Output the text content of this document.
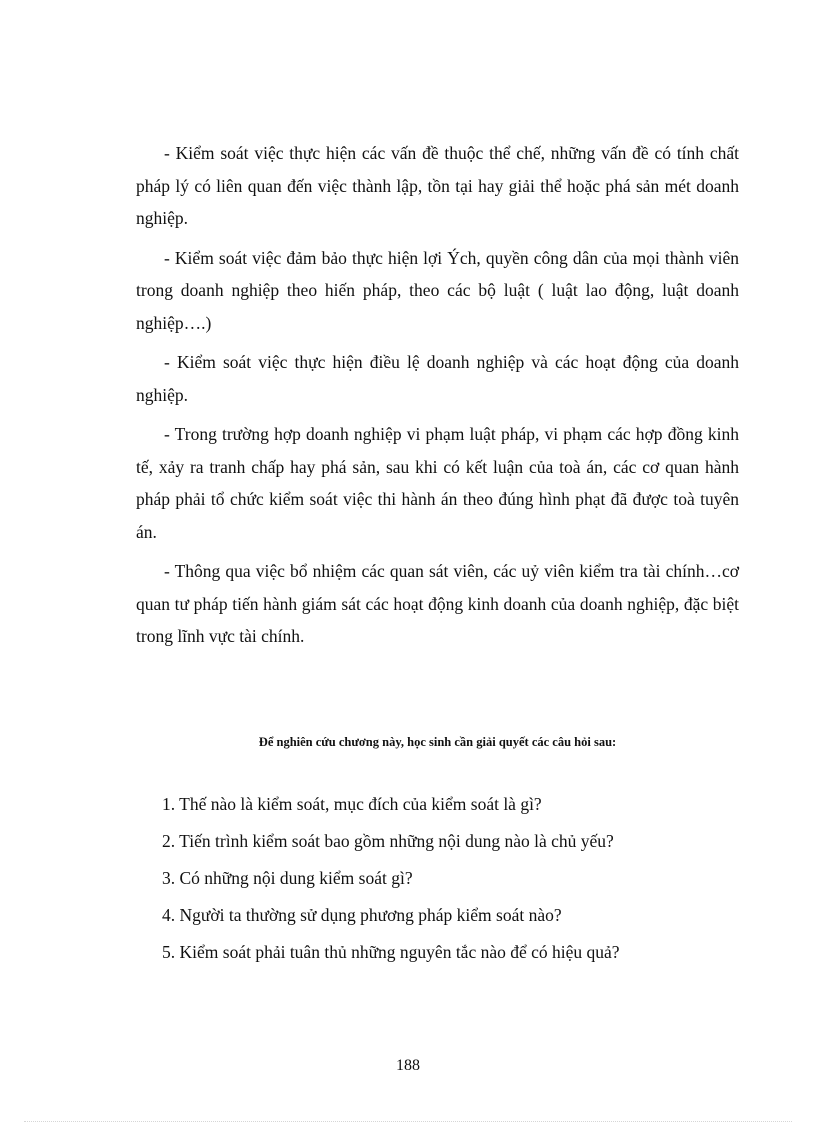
- Kiểm soát việc thực hiện các vấn đề thuộc thể chế, những vấn đề có tính chất pháp lý có liên quan đến việc thành lập, tồn tại hay giải thể hoặc phá sản mét doanh nghiệp.

- Kiểm soát việc đảm bảo thực hiện lợi Ých, quyền công dân của mọi thành viên trong doanh nghiệp theo hiến pháp, theo các bộ luật ( luật lao động, luật doanh nghiệp….)

- Kiểm soát việc thực hiện điều lệ doanh nghiệp và các hoạt động của doanh nghiệp.

- Trong trường hợp doanh nghiệp vi phạm luật pháp, vi phạm các hợp đồng kinh tế, xảy ra tranh chấp hay phá sản, sau khi có kết luận của toà án, các cơ quan hành pháp phải tổ chức kiểm soát việc thi hành án theo đúng hình phạt đã được toà tuyên án.

- Thông qua việc bổ nhiệm các quan sát viên, các uỷ viên kiểm tra tài chính…cơ quan tư pháp tiến hành giám sát các hoạt động kinh doanh của doanh nghiệp, đặc biệt trong lĩnh vực tài chính.

Để nghiên cứu chương này, học sinh cần giải quyết các câu hỏi sau:

1. Thế nào là kiểm soát, mục đích của kiểm soát là gì?
2. Tiến trình kiểm soát bao gồm những nội dung nào là chủ yếu?
3. Có những nội dung kiểm soát gì?
4. Người ta thường sử dụng phương pháp kiểm soát nào?
5. Kiểm soát phải tuân thủ những nguyên tắc nào để có hiệu quả?
188
